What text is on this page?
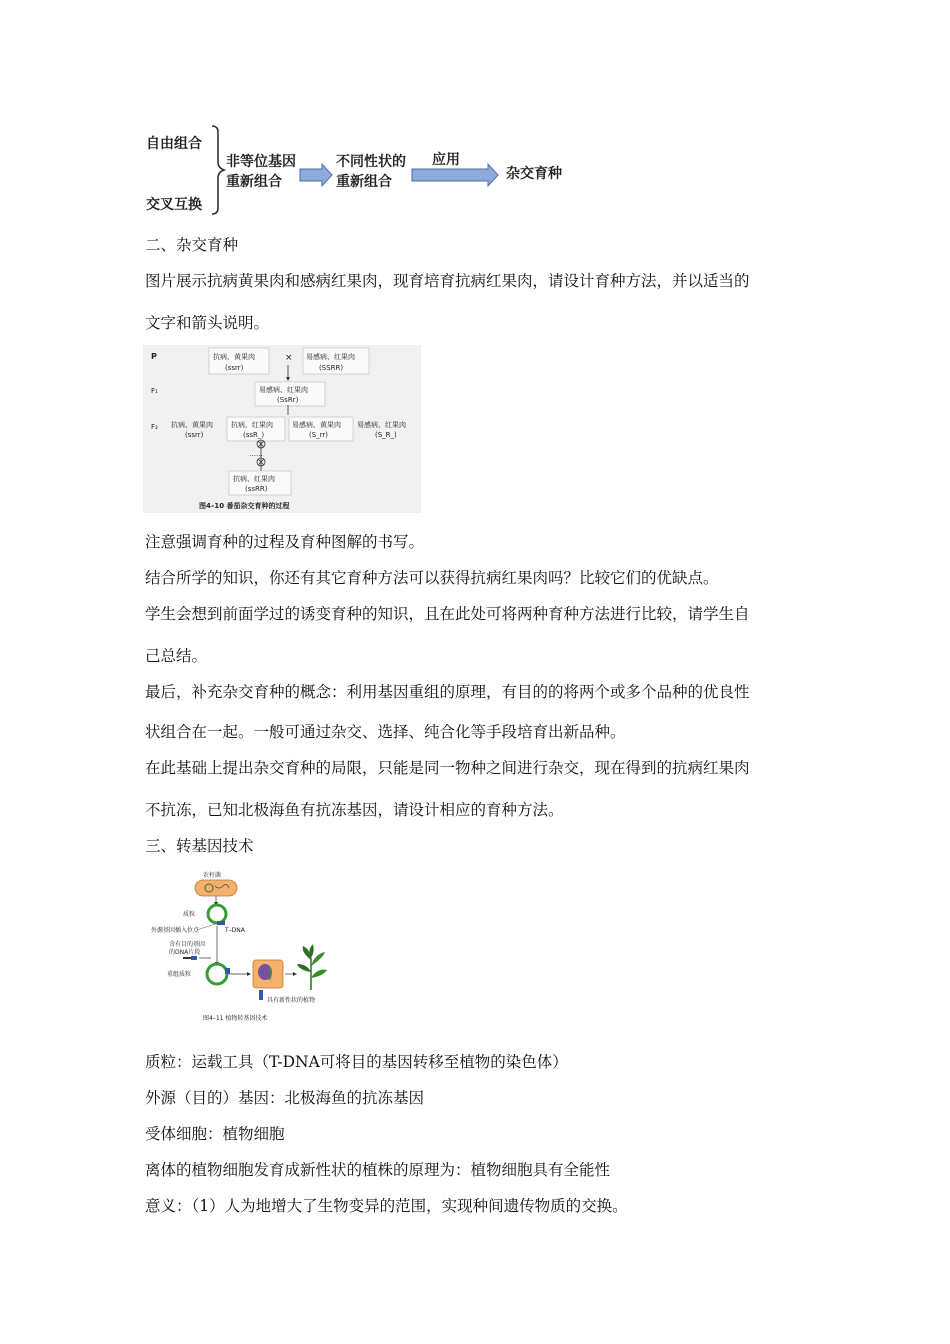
自由组合
交叉互换
非等位基因
重新组合
不同性状的
重新组合
应用
杂交育种
二、杂交育种
图片展示抗病黄果肉和感病红果肉，现育培育抗病红果肉，请设计育种方法，并以适当的
文字和箭头说明。
P
F₁
F₂
抗病、黄果肉
(ssrr)
× 易感病、红果肉
(SSRR)
易感病、红果肉
(SsRr)
抗病、黄果肉
(ssrr)
抗病、红果肉
(ssR_)
易感病、黄果肉
(S_rr)
易感病、红果肉
(S_R_)
……
抗病、红果肉
(ssRR)
图4–10 番茄杂交育种的过程
注意强调育种的过程及育种图解的书写。
结合所学的知识，你还有其它育种方法可以获得抗病红果肉吗？比较它们的优缺点。
学生会想到前面学过的诱变育种的知识，且在此处可将两种育种方法进行比较，请学生自
己总结。
最后，补充杂交育种的概念：利用基因重组的原理，有目的的将两个或多个品种的优良性
状组合在一起。一般可通过杂交、选择、纯合化等手段培育出新品种。
在此基础上提出杂交育种的局限，只能是同一物种之间进行杂交，现在得到的抗病红果肉
不抗冻，已知北极海鱼有抗冻基因，请设计相应的育种方法。
三、转基因技术
农杆菌
质粒
外源基因插入位点	T–DNA
含有目的基因
的DNA片段
重组质粒
具有新性状的植物
图4–11 植物转基因技术
质粒：运载工具（T-DNA可将目的基因转移至植物的染色体）
外源（目的）基因：北极海鱼的抗冻基因
受体细胞：植物细胞
离体的植物细胞发育成新性状的植株的原理为：植物细胞具有全能性
意义：（1）人为地增大了生物变异的范围，实现种间遗传物质的交换。
